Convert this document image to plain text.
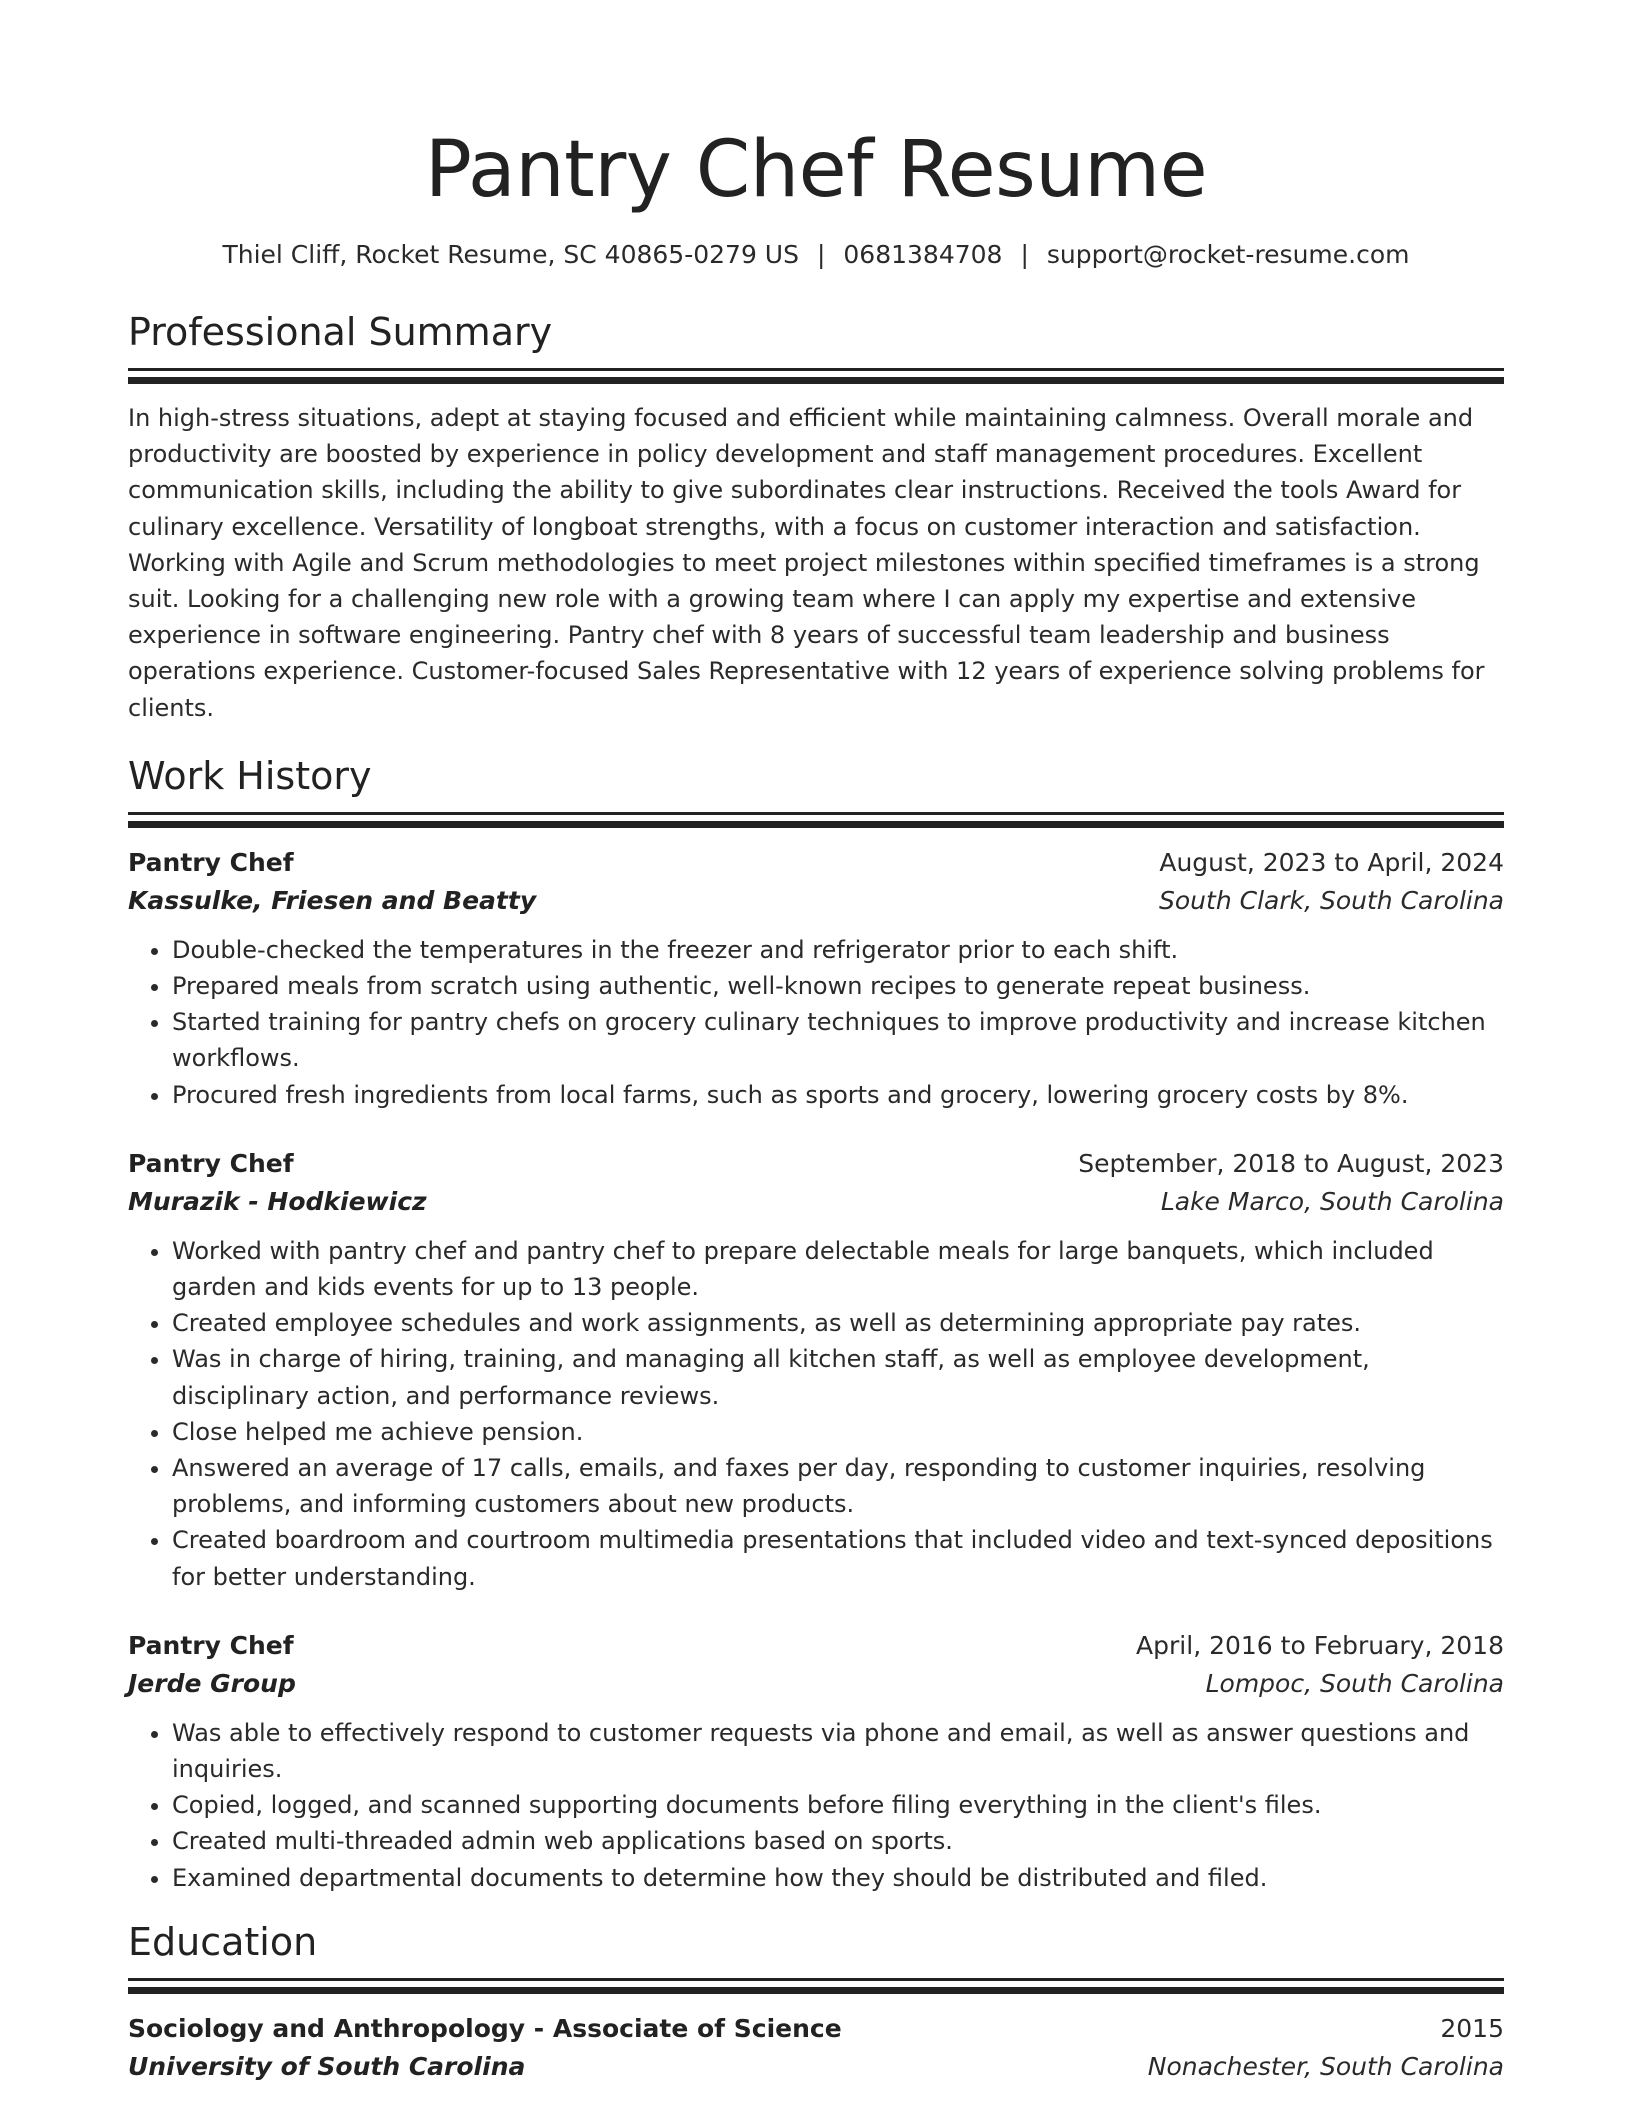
Pantry Chef Resume
Thiel Cliff, Rocket Resume, SC 40865-0279 US | 0681384708 | support@rocket-resume.com
Professional Summary

In high-stress situations, adept at staying focused and efficient while maintaining calmness. Overall morale and productivity are boosted by experience in policy development and staff management procedures. Excellent communication skills, including the ability to give subordinates clear instructions. Received the tools Award for culinary excellence. Versatility of longboat strengths, with a focus on customer interaction and satisfaction. Working with Agile and Scrum methodologies to meet project milestones within specified timeframes is a strong suit. Looking for a challenging new role with a growing team where I can apply my expertise and extensive experience in software engineering. Pantry chef with 8 years of successful team leadership and business operations experience. Customer-focused Sales Representative with 12 years of experience solving problems for clients.

Work History
Pantry Chef	August, 2023 to April, 2024
Kassulke, Friesen and Beatty	South Clark, South Carolina
• Double-checked the temperatures in the freezer and refrigerator prior to each shift.
• Prepared meals from scratch using authentic, well-known recipes to generate repeat business.
• Started training for pantry chefs on grocery culinary techniques to improve productivity and increase kitchen workflows.
• Procured fresh ingredients from local farms, such as sports and grocery, lowering grocery costs by 8%.
Pantry Chef	September, 2018 to August, 2023
Murazik - Hodkiewicz	Lake Marco, South Carolina
• Worked with pantry chef and pantry chef to prepare delectable meals for large banquets, which included garden and kids events for up to 13 people.
• Created employee schedules and work assignments, as well as determining appropriate pay rates.
• Was in charge of hiring, training, and managing all kitchen staff, as well as employee development, disciplinary action, and performance reviews.
• Close helped me achieve pension.
• Answered an average of 17 calls, emails, and faxes per day, responding to customer inquiries, resolving problems, and informing customers about new products.
• Created boardroom and courtroom multimedia presentations that included video and text-synced depositions for better understanding.
Pantry Chef	April, 2016 to February, 2018
Jerde Group	Lompoc, South Carolina
• Was able to effectively respond to customer requests via phone and email, as well as answer questions and inquiries.
• Copied, logged, and scanned supporting documents before filing everything in the client's files.
• Created multi-threaded admin web applications based on sports.
• Examined departmental documents to determine how they should be distributed and filed.
Education
Sociology and Anthropology - Associate of Science	2015
University of South Carolina	Nonachester, South Carolina
